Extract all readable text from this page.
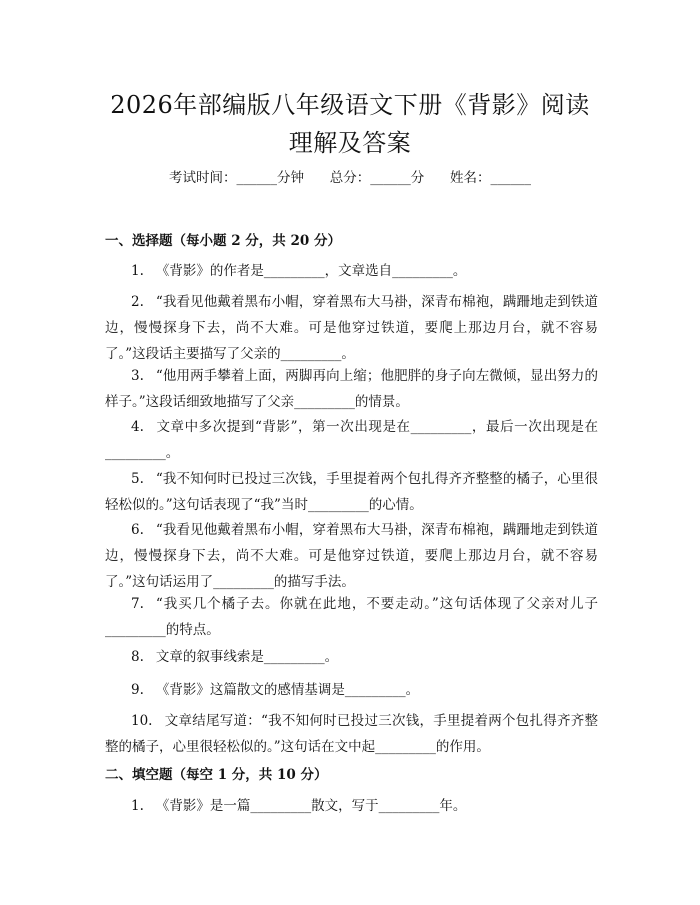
2026年部编版八年级语文下册《背影》阅读
理解及答案
考试时间：______分钟      总分：______分      姓名：______
一、选择题（每小题 2 分，共 20 分）
1. 《背影》的作者是_________，文章选自_________。
2. “我看见他戴着黑布小帽，穿着黑布大马褂，深青布棉袍，蹒跚地走到铁道边，慢慢探身下去，尚不大难。可是他穿过铁道，要爬上那边月台，就不容易了。”这段话主要描写了父亲的_________。
3. “他用两手攀着上面，两脚再向上缩；他肥胖的身子向左微倾，显出努力的样子。”这段话细致地描写了父亲_________的情景。
4. 文章中多次提到“背影”，第一次出现是在_________，最后一次出现是在_________。
5. “我不知何时已投过三次钱，手里提着两个包扎得齐齐整整的橘子，心里很轻松似的。”这句话表现了“我”当时_________的心情。
6. “我看见他戴着黑布小帽，穿着黑布大马褂，深青布棉袍，蹒跚地走到铁道边，慢慢探身下去，尚不大难。可是他穿过铁道，要爬上那边月台，就不容易了。”这句话运用了_________的描写手法。
7. “我买几个橘子去。你就在此地，不要走动。”这句话体现了父亲对儿子_________的特点。
8. 文章的叙事线索是_________。
9. 《背影》这篇散文的感情基调是_________。
10. 文章结尾写道：“我不知何时已投过三次钱，手里提着两个包扎得齐齐整整的橘子，心里很轻松似的。”这句话在文中起_________的作用。
二、填空题（每空 1 分，共 10 分）
1. 《背影》是一篇_________散文，写于_________年。
